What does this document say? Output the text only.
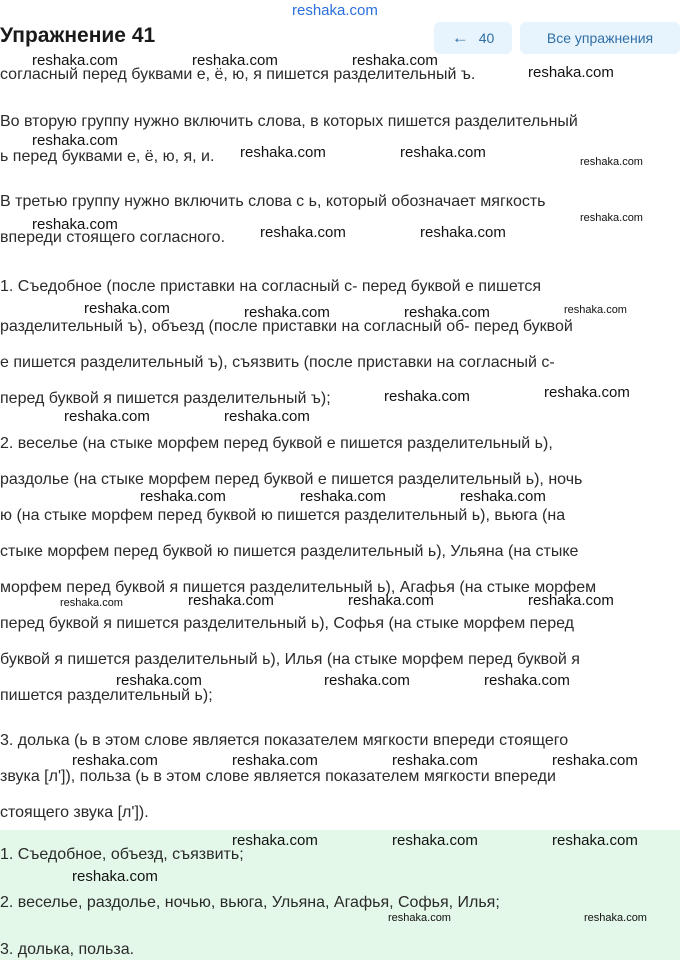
reshaka.com
Упражнение 41	← 40	Все упражнения
согласный перед буквами е, ё, ю, я пишется разделительный ъ.
Во вторую группу нужно включить слова, в которых пишется разделительный
ь перед буквами е, ё, ю, я, и.
В третью группу нужно включить слова с ь, который обозначает мягкость
впереди стоящего согласного.
1. Съедобное (после приставки на согласный с- перед буквой е пишется
разделительный ъ), объезд (после приставки на согласный об- перед буквой
е пишется разделительный ъ), съязвить (после приставки на согласный с-
перед буквой я пишется разделительный ъ);
2. веселье (на стыке морфем перед буквой е пишется разделительный ь),
раздолье (на стыке морфем перед буквой е пишется разделительный ь), ночь
ю (на стыке морфем перед буквой ю пишется разделительный ь), вьюга (на
стыке морфем перед буквой ю пишется разделительный ь), Ульяна (на стыке
морфем перед буквой я пишется разделительный ь), Агафья (на стыке морфем
перед буквой я пишется разделительный ь), Софья (на стыке морфем перед
буквой я пишется разделительный ь), Илья (на стыке морфем перед буквой я
пишется разделительный ь);
3. долька (ь в этом слове является показателем мягкости впереди стоящего
звука [л']), польза (ь в этом слове является показателем мягкости впереди
стоящего звука [л']).
1. Съедобное, объезд, съязвить;
2. веселье, раздолье, ночью, вьюга, Ульяна, Агафья, Софья, Илья;
3. долька, польза.
reshaka.com	reshaka.com	reshaka.com
reshaka.com
reshaka.com
reshaka.com	reshaka.com
reshaka.com
reshaka.com
reshaka.com	reshaka.com	reshaka.com
reshaka.com	reshaka.com	reshaka.com	reshaka.com
reshaka.com	reshaka.com
reshaka.com	reshaka.com
reshaka.com	reshaka.com	reshaka.com
reshaka.com	reshaka.com	reshaka.com	reshaka.com
reshaka.com	reshaka.com	reshaka.com
reshaka.com	reshaka.com	reshaka.com	reshaka.com
reshaka.com	reshaka.com	reshaka.com
reshaka.com
reshaka.com	reshaka.com
